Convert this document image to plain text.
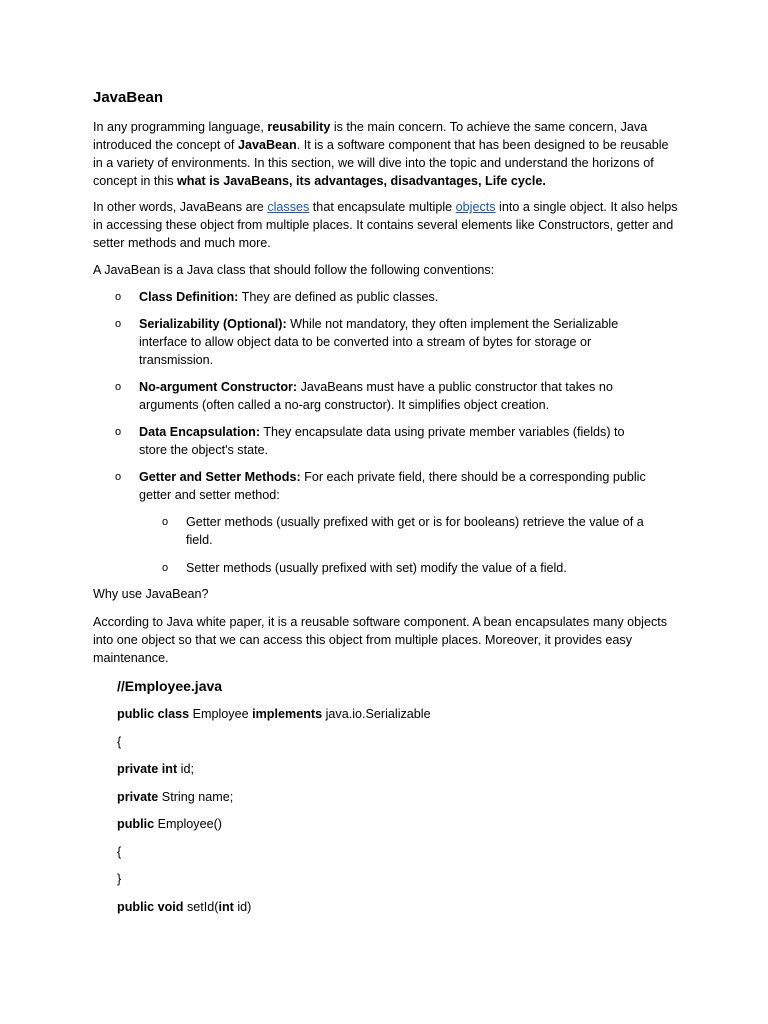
JavaBean

In any programming language, reusability is the main concern. To achieve the same concern, Java introduced the concept of JavaBean. It is a software component that has been designed to be reusable in a variety of environments. In this section, we will dive into the topic and understand the horizons of concept in this what is JavaBeans, its advantages, disadvantages, Life cycle.

In other words, JavaBeans are classes that encapsulate multiple objects into a single object. It also helps in accessing these object from multiple places. It contains several elements like Constructors, getter and setter methods and much more.

A JavaBean is a Java class that should follow the following conventions:

o Class Definition: They are defined as public classes.
o Serializability (Optional): While not mandatory, they often implement the Serializable interface to allow object data to be converted into a stream of bytes for storage or transmission.
o No-argument Constructor: JavaBeans must have a public constructor that takes no arguments (often called a no-arg constructor). It simplifies object creation.
o Data Encapsulation: They encapsulate data using private member variables (fields) to store the object's state.
o Getter and Setter Methods: For each private field, there should be a corresponding public getter and setter method:
o Getter methods (usually prefixed with get or is for booleans) retrieve the value of a field.
o Setter methods (usually prefixed with set) modify the value of a field.

Why use JavaBean?

According to Java white paper, it is a reusable software component. A bean encapsulates many objects into one object so that we can access this object from multiple places. Moreover, it provides easy maintenance.

//Employee.java
public class Employee implements java.io.Serializable
{
private int id;
private String name;
public Employee()
{
}
public void setId(int id)
